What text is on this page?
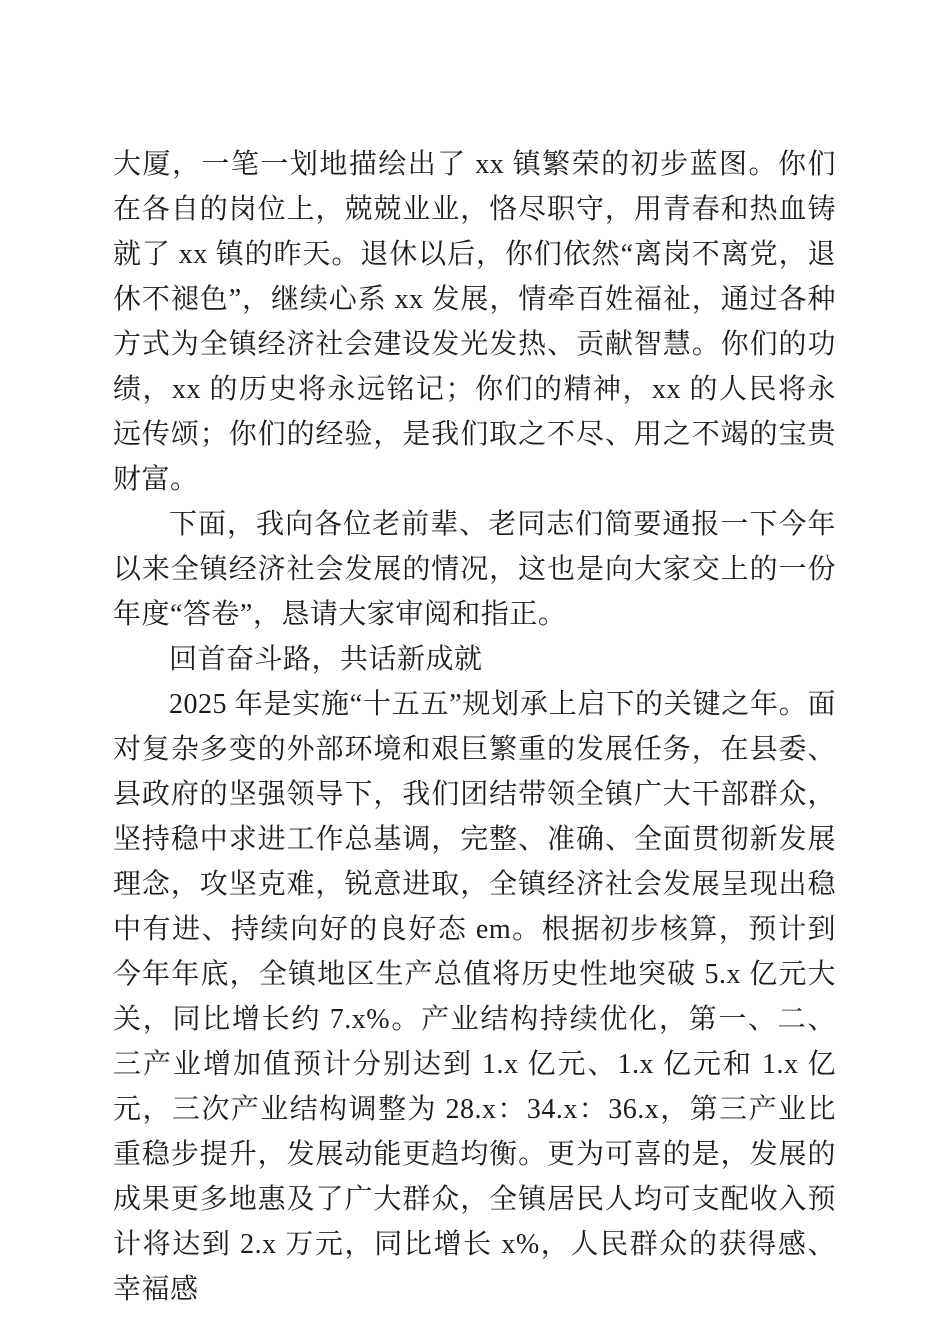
大厦，一笔一划地描绘出了 xx 镇繁荣的初步蓝图。你们在各自的岗位上，兢兢业业，恪尽职守，用青春和热血铸就了 xx 镇的昨天。退休以后，你们依然“离岗不离党，退休不褪色”，继续心系 xx 发展，情牵百姓福祉，通过各种方式为全镇经济社会建设发光发热、贡献智慧。你们的功绩，xx 的历史将永远铭记；你们的精神，xx 的人民将永远传颂；你们的经验，是我们取之不尽、用之不竭的宝贵财富。

下面，我向各位老前辈、老同志们简要通报一下今年以来全镇经济社会发展的情况，这也是向大家交上的一份年度“答卷”，恳请大家审阅和指正。

回首奋斗路，共话新成就

2025 年是实施“十五五”规划承上启下的关键之年。面对复杂多变的外部环境和艰巨繁重的发展任务，在县委、县政府的坚强领导下，我们团结带领全镇广大干部群众，坚持稳中求进工作总基调，完整、准确、全面贯彻新发展理念，攻坚克难，锐意进取，全镇经济社会发展呈现出稳中有进、持续向好的良好态 em。根据初步核算，预计到今年年底，全镇地区生产总值将历史性地突破 5.x 亿元大关，同比增长约 7.x%。产业结构持续优化，第一、二、三产业增加值预计分别达到 1.x 亿元、1.x 亿元和 1.x 亿元，三次产业结构调整为 28.x：34.x：36.x，第三产业比重稳步提升，发展动能更趋均衡。更为可喜的是，发展的成果更多地惠及了广大群众，全镇居民人均可支配收入预计将达到 2.x 万元，同比增长 x%，人民群众的获得感、幸福感
